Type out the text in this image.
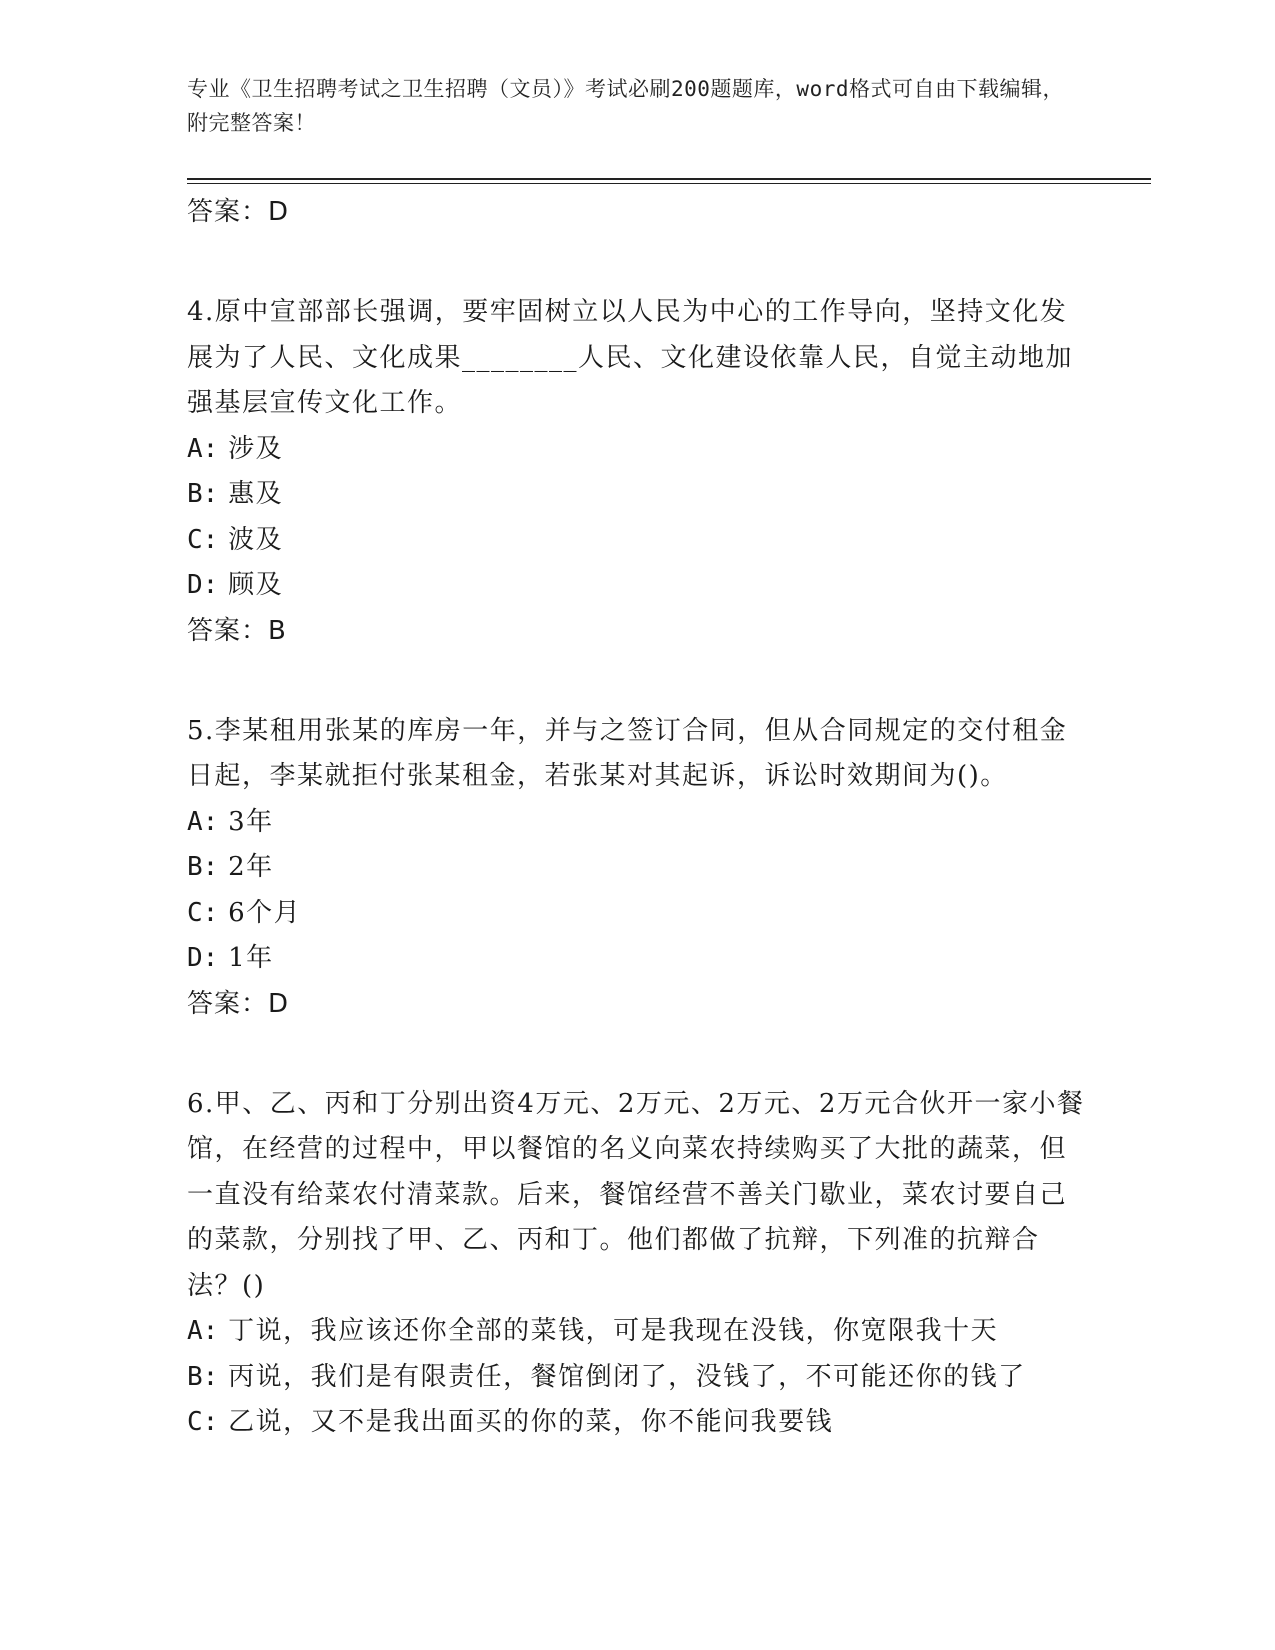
专业《卫生招聘考试之卫生招聘（文员）》考试必刷200题题库，word格式可自由下载编辑，附完整答案！
答案：D
4.原中宣部部长强调，要牢固树立以人民为中心的工作导向，坚持文化发展为了人民、文化成果________人民、文化建设依靠人民，自觉主动地加强基层宣传文化工作。
A: 涉及
B: 惠及
C: 波及
D: 顾及
答案：B
5.李某租用张某的库房一年，并与之签订合同，但从合同规定的交付租金日起，李某就拒付张某租金，若张某对其起诉，诉讼时效期间为()。
A: 3年
B: 2年
C: 6个月
D: 1年
答案：D
6.甲、乙、丙和丁分别出资4万元、2万元、2万元、2万元合伙开一家小餐馆，在经营的过程中，甲以餐馆的名义向菜农持续购买了大批的蔬菜，但一直没有给菜农付清菜款。后来，餐馆经营不善关门歇业，菜农讨要自己的菜款，分别找了甲、乙、丙和丁。他们都做了抗辩，下列准的抗辩合法？()
A: 丁说，我应该还你全部的菜钱，可是我现在没钱，你宽限我十天
B: 丙说，我们是有限责任，餐馆倒闭了，没钱了，不可能还你的钱了
C: 乙说，又不是我出面买的你的菜，你不能问我要钱
